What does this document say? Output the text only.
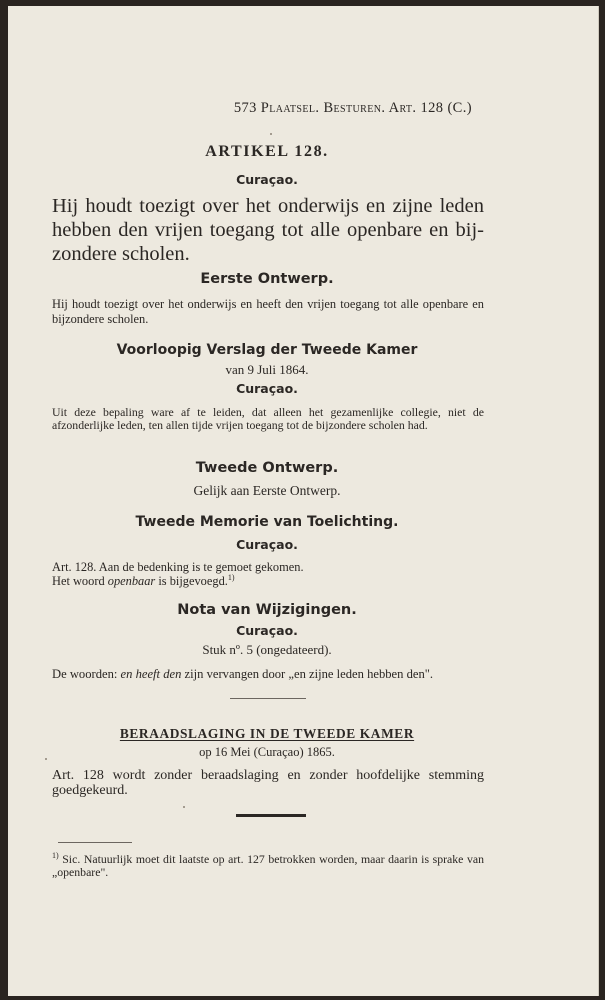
573 Plaatsel. Besturen. Art. 128 (C.)
ARTIKEL 128.
Curaçao.
Hij houdt toezigt over het onderwijs en zijne leden hebben den vrijen toegang tot alle openbare en bij-zondere scholen.
Eerste Ontwerp.
Hij houdt toezigt over het onderwijs en heeft den vrijen toegang tot alle openbare en bijzondere scholen.
Voorloopig Verslag der Tweede Kamer
van 9 Juli 1864.
Curaçao.
Uit deze bepaling ware af te leiden, dat alleen het gezamenlijke collegie, niet de afzonderlijke leden, ten allen tijde vrijen toegang tot de bijzondere scholen had.
Tweede Ontwerp.
Gelijk aan Eerste Ontwerp.
Tweede Memorie van Toelichting.
Curaçao.
Art. 128. Aan de bedenking is te gemoet gekomen.
Het woord openbaar is bijgevoegd.$^{1)}$
Nota van Wijzigingen.
Curaçao.
Stuk nº. 5 (ongedateerd).
De woorden: en heeft den zijn vervangen door „en zijne leden hebben den".
BERAADSLAGING IN DE TWEEDE KAMER
op 16 Mei (Curaçao) 1865.
Art. 128 wordt zonder beraadslaging en zonder hoofdelijke stemming goedgekeurd.
$^{1)}$ Sic. Natuurlijk moet dit laatste op art. 127 betrokken worden, maar daarin is sprake van „openbare".
